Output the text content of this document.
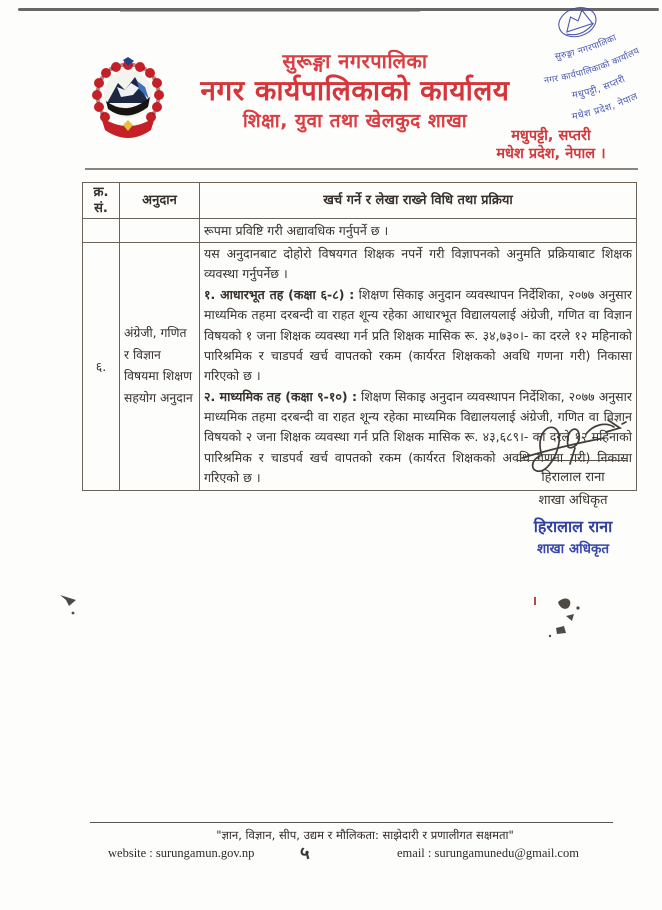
सुरूङ्गा नगरपालिका
नगर कार्यपालिकाको कार्यालय
शिक्षा, युवा तथा खेलकुद शाखा
सुरुङ्गा नगरपालिका
नगर कार्यपालिकाको कार्यालय
मधुपट्टी, सप्तरी
मधेश प्रदेश, नेपाल
मधुपट्टी, सप्तरी
मधेश प्रदेश, नेपाल ।
क्र. सं.	अनुदान	खर्च गर्ने र लेखा राख्ने विधि तथा प्रक्रिया
		रूपमा प्रविष्टि गरी अद्यावधिक गर्नुपर्ने छ ।
६.	अंग्रेजी, गणित र विज्ञान विषयमा शिक्षण सहयोग अनुदान	यस अनुदानबाट दोहोरो विषयगत शिक्षक नपर्ने गरी विज्ञापनको अनुमति प्रक्रियाबाट शिक्षक व्यवस्था गर्नुपर्नेछ ।

१. आधारभूत तह (कक्षा ६-८) : शिक्षण सिकाइ अनुदान व्यवस्थापन निर्देशिका, २०७७ अनुसार माध्यमिक तहमा दरबन्दी वा राहत शून्य रहेका आधारभूत विद्यालयलाई अंग्रेजी, गणित वा विज्ञान विषयको १ जना शिक्षक व्यवस्था गर्न प्रति शिक्षक मासिक रू. ३४,७३०।- का दरले १२ महिनाको पारिश्रमिक र चाडपर्व खर्च वापतको रकम (कार्यरत शिक्षकको अवधि गणना गरी) निकासा गरिएको छ ।

२. माध्यमिक तह (कक्षा ९-१०) : शिक्षण सिकाइ अनुदान व्यवस्थापन निर्देशिका, २०७७ अनुसार माध्यमिक तहमा दरबन्दी वा राहत शून्य रहेका माध्यमिक विद्यालयलाई अंग्रेजी, गणित वा विज्ञान विषयको २ जना शिक्षक व्यवस्था गर्न प्रति शिक्षक मासिक रू. ४३,६८९।- का दरले १२ महिनाको पारिश्रमिक र चाडपर्व खर्च वापतको रकम (कार्यरत शिक्षकको अवधि गणना गरी) निकासा गरिएको छ ।	हिरालाल राना
शाखा अधिकृत
हिरालाल राना
शाखा अधिकृत
"ज्ञान, विज्ञान, सीप, उद्यम र मौलिकता: साझेदारी र प्रणालीगत सक्षमता"
website : surungamun.gov.np ५	email : surungamunedu@gmail.com
